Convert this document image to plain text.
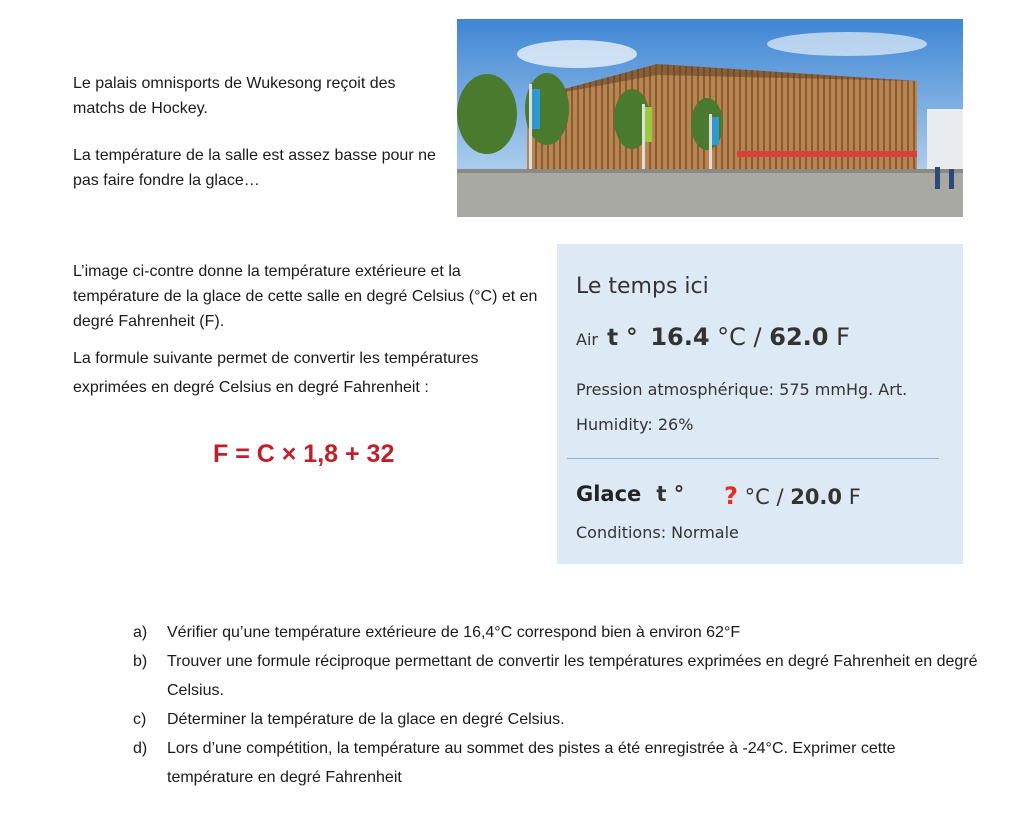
Le palais omnisports de Wukesong reçoit des matchs de Hockey.

La température de la salle est assez basse pour ne pas faire fondre la glace…

L’image ci-contre donne la température extérieure et la température de la glace de cette salle en degré Celsius (°C) et en degré Fahrenheit (F).

La formule suivante permet de convertir les températures exprimées en degré Celsius en degré Fahrenheit :

F = C × 1,8 + 32
Le temps ici
Air t ° 16.4 °C / 62.0 F
Pression atmosphérique: 575 mmHg. Art.
Humidity: 26%
Glace t ° ? °C / 20.0 F
Conditions: Normale
a)	Vérifier qu’une température extérieure de 16,4°C correspond bien à environ 62°F
b)	Trouver une formule réciproque permettant de convertir les températures exprimées en degré Fahrenheit en degré Celsius.
c)	Déterminer la température de la glace en degré Celsius.
d)	Lors d’une compétition, la température au sommet des pistes a été enregistrée à -24°C. Exprimer cette température en degré Fahrenheit
